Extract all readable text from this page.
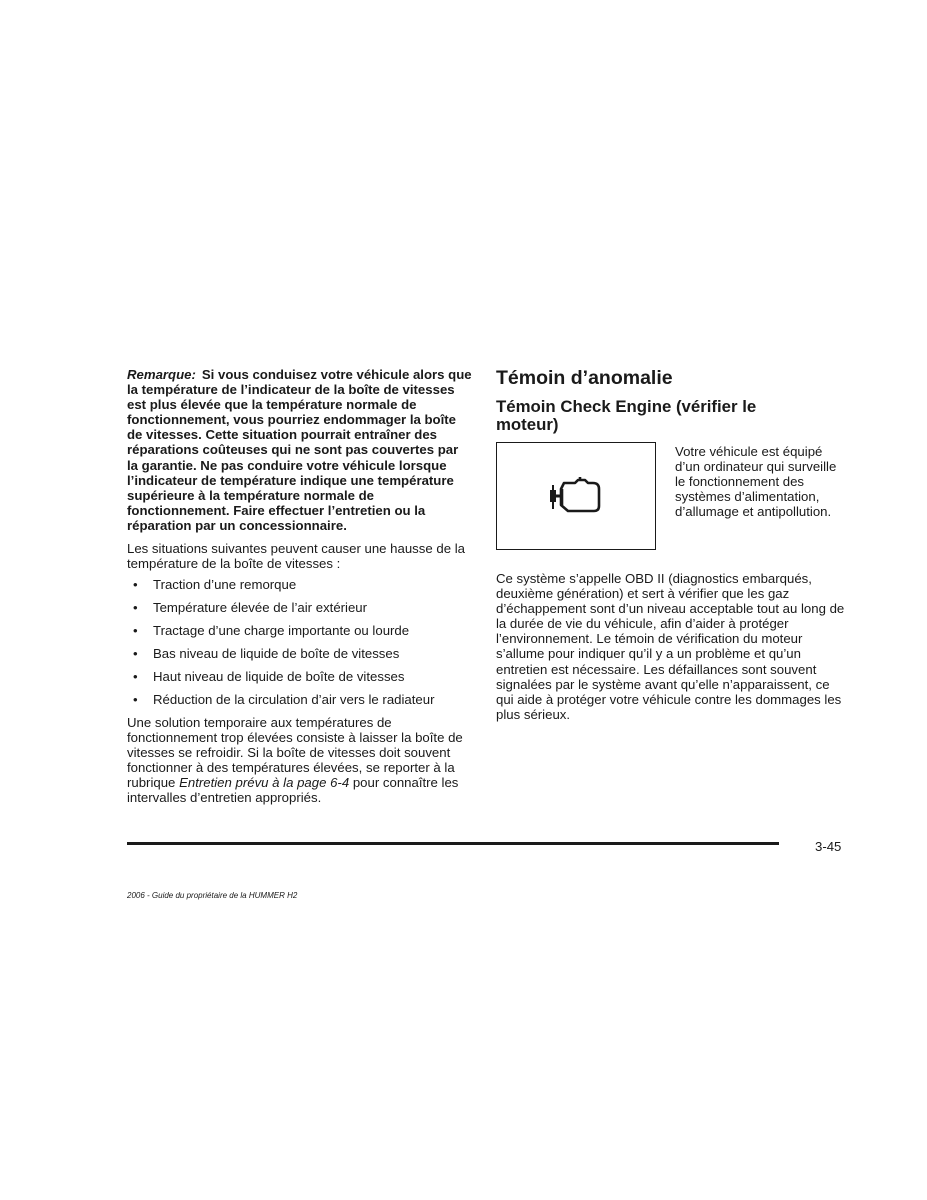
Remarque: Si vous conduisez votre véhicule alors que la température de l’indicateur de la boîte de vitesses est plus élevée que la température normale de fonctionnement, vous pourriez endommager la boîte de vitesses. Cette situation pourrait entraîner des réparations coûteuses qui ne sont pas couvertes par la garantie. Ne pas conduire votre véhicule lorsque l’indicateur de température indique une température supérieure à la température normale de fonctionnement. Faire effectuer l’entretien ou la réparation par un concessionnaire.

Les situations suivantes peuvent causer une hausse de la température de la boîte de vitesses :

• Traction d’une remorque
• Température élevée de l’air extérieur
• Tractage d’une charge importante ou lourde
• Bas niveau de liquide de boîte de vitesses
• Haut niveau de liquide de boîte de vitesses
• Réduction de la circulation d’air vers le radiateur

Une solution temporaire aux températures de fonctionnement trop élevées consiste à laisser la boîte de vitesses se refroidir. Si la boîte de vitesses doit souvent fonctionner à des températures élevées, se reporter à la rubrique Entretien prévu à la page 6-4 pour connaître les intervalles d’entretien appropriés.

Témoin d’anomalie
Témoin Check Engine (vérifier le moteur)
Votre véhicule est équipé d’un ordinateur qui surveille le fonctionnement des systèmes d’alimentation, d’allumage et antipollution.

Ce système s’appelle OBD II (diagnostics embarqués, deuxième génération) et sert à vérifier que les gaz d’échappement sont d’un niveau acceptable tout au long de la durée de vie du véhicule, afin d’aider à protéger l’environnement. Le témoin de vérification du moteur s’allume pour indiquer qu’il y a un problème et qu’un entretien est nécessaire. Les défaillances sont souvent signalées par le système avant qu’elle n’apparaissent, ce qui aide à protéger votre véhicule contre les dommages les plus sérieux.

3-45
2006 - Guide du propriétaire de la HUMMER H2
